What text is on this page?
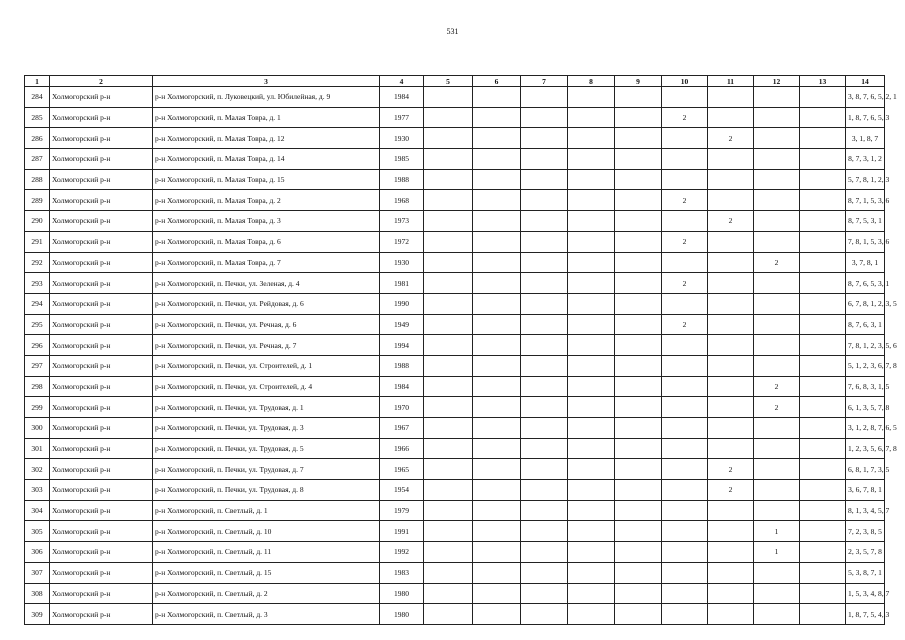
531
1	2	3	4	5	6	7	8	9	10	11	12	13	14
284	Холмогорский р-н	р-н Холмогорский, п. Луковецкий, ул. Юбилейная, д. 9	1984										3, 8, 7, 6, 5, 2, 1
285	Холмогорский р-н	р-н Холмогорский, п. Малая Товра, д. 1	1977						2				1, 8, 7, 6, 5, 3
286	Холмогорский р-н	р-н Холмогорский, п. Малая Товра, д. 12	1930							2			3, 1, 8, 7
287	Холмогорский р-н	р-н Холмогорский, п. Малая Товра, д. 14	1985										8, 7, 3, 1, 2
288	Холмогорский р-н	р-н Холмогорский, п. Малая Товра, д. 15	1988										5, 7, 8, 1, 2, 3
289	Холмогорский р-н	р-н Холмогорский, п. Малая Товра, д. 2	1968						2				8, 7, 1, 5, 3, 6
290	Холмогорский р-н	р-н Холмогорский, п. Малая Товра, д. 3	1973							2			8, 7, 5, 3, 1
291	Холмогорский р-н	р-н Холмогорский, п. Малая Товра, д. 6	1972						2				7, 8, 1, 5, 3, 6
292	Холмогорский р-н	р-н Холмогорский, п. Малая Товра, д. 7	1930								2		3, 7, 8, 1
293	Холмогорский р-н	р-н Холмогорский, п. Печки, ул. Зеленая, д. 4	1981						2				8, 7, 6, 5, 3, 1
294	Холмогорский р-н	р-н Холмогорский, п. Печки, ул. Рейдовая, д. 6	1990										6, 7, 8, 1, 2, 3, 5
295	Холмогорский р-н	р-н Холмогорский, п. Печки, ул. Речная, д. 6	1949						2				8, 7, 6, 3, 1
296	Холмогорский р-н	р-н Холмогорский, п. Печки, ул. Речная, д. 7	1994										7, 8, 1, 2, 3, 5, 6
297	Холмогорский р-н	р-н Холмогорский, п. Печки, ул. Строителей, д. 1	1988										5, 1, 2, 3, 6, 7, 8
298	Холмогорский р-н	р-н Холмогорский, п. Печки, ул. Строителей, д. 4	1984								2		7, 6, 8, 3, 1, 5
299	Холмогорский р-н	р-н Холмогорский, п. Печки, ул. Трудовая, д. 1	1970								2		6, 1, 3, 5, 7, 8
300	Холмогорский р-н	р-н Холмогорский, п. Печки, ул. Трудовая, д. 3	1967										3, 1, 2, 8, 7, 6, 5
301	Холмогорский р-н	р-н Холмогорский, п. Печки, ул. Трудовая, д. 5	1966										1, 2, 3, 5, 6, 7, 8
302	Холмогорский р-н	р-н Холмогорский, п. Печки, ул. Трудовая, д. 7	1965							2			6, 8, 1, 7, 3, 5
303	Холмогорский р-н	р-н Холмогорский, п. Печки, ул. Трудовая, д. 8	1954							2			3, 6, 7, 8, 1
304	Холмогорский р-н	р-н Холмогорский, п. Светлый, д. 1	1979										8, 1, 3, 4, 5, 7
305	Холмогорский р-н	р-н Холмогорский, п. Светлый, д. 10	1991								1		7, 2, 3, 8, 5
306	Холмогорский р-н	р-н Холмогорский, п. Светлый, д. 11	1992								1		2, 3, 5, 7, 8
307	Холмогорский р-н	р-н Холмогорский, п. Светлый, д. 15	1983										5, 3, 8, 7, 1
308	Холмогорский р-н	р-н Холмогорский, п. Светлый, д. 2	1980										1, 5, 3, 4, 8, 7
309	Холмогорский р-н	р-н Холмогорский, п. Светлый, д. 3	1980										1, 8, 7, 5, 4, 3
